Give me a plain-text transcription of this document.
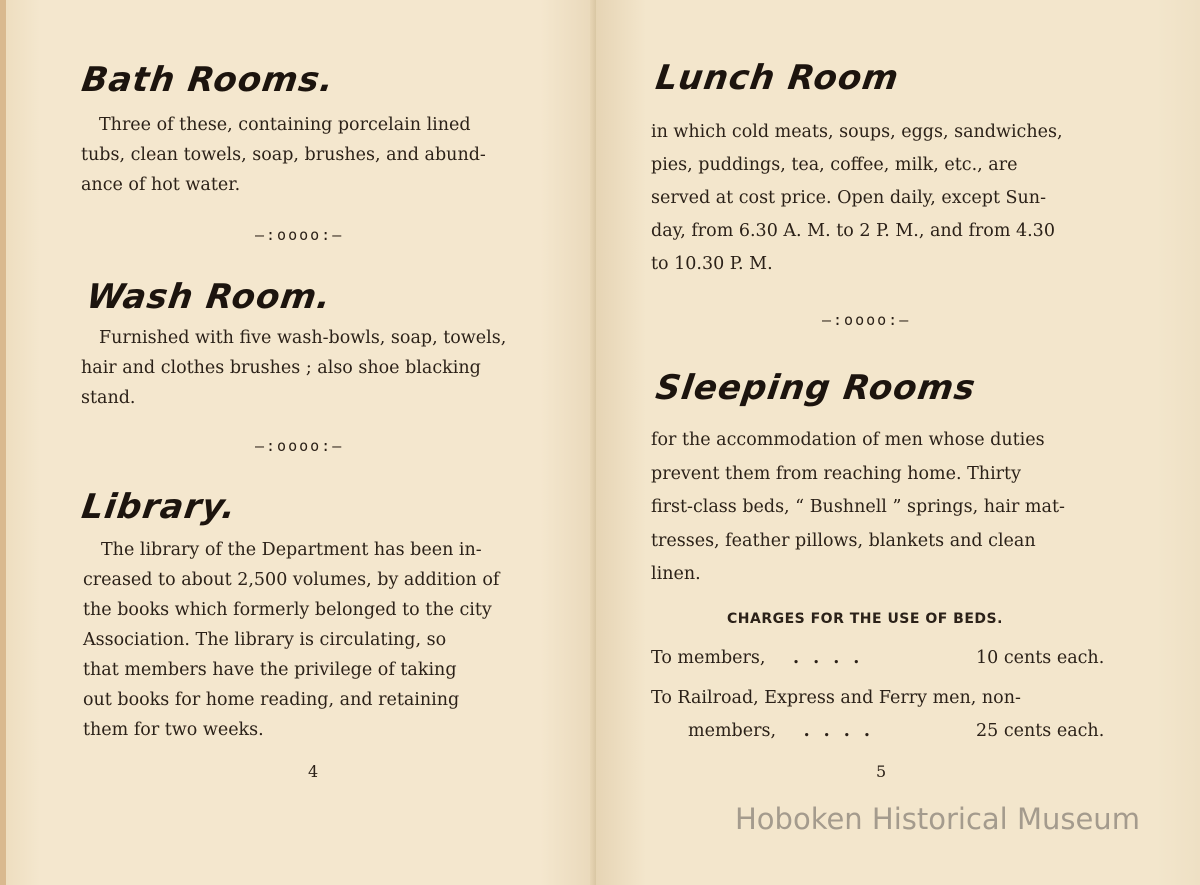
Bath Rooms.

Three of these, containing porcelain lined
tubs, clean towels, soap, brushes, and abund-
ance of hot water.

–:oooo:–
Wash Room.

Furnished with five wash-bowls, soap, towels,
hair and clothes brushes ; also shoe blacking
stand.

–:oooo:–
Library.

The library of the Department has been in-
creased to about 2,500 volumes, by addition of
the books which formerly belonged to the city
Association. The library is circulating, so
that members have the privilege of taking
out books for home reading, and retaining
them for two weeks.

4
Lunch Room

in which cold meats, soups, eggs, sandwiches,
pies, puddings, tea, coffee, milk, etc., are
served at cost price. Open daily, except Sun-
day, from 6.30 A. M. to 2 P. M., and from 4.30
to 10.30 P. M.

–:oooo:–
Sleeping Rooms

for the accommodation of men whose duties
prevent them from reaching home. Thirty
first-class beds, “ Bushnell ” springs, hair mat-
tresses, feather pillows, blankets and clean
linen.

CHARGES FOR THE USE OF BEDS.
To members, ....	10 cents each.
To Railroad, Express and Ferry men, non-
members, ....	25 cents each.
5
Hoboken Historical Museum
